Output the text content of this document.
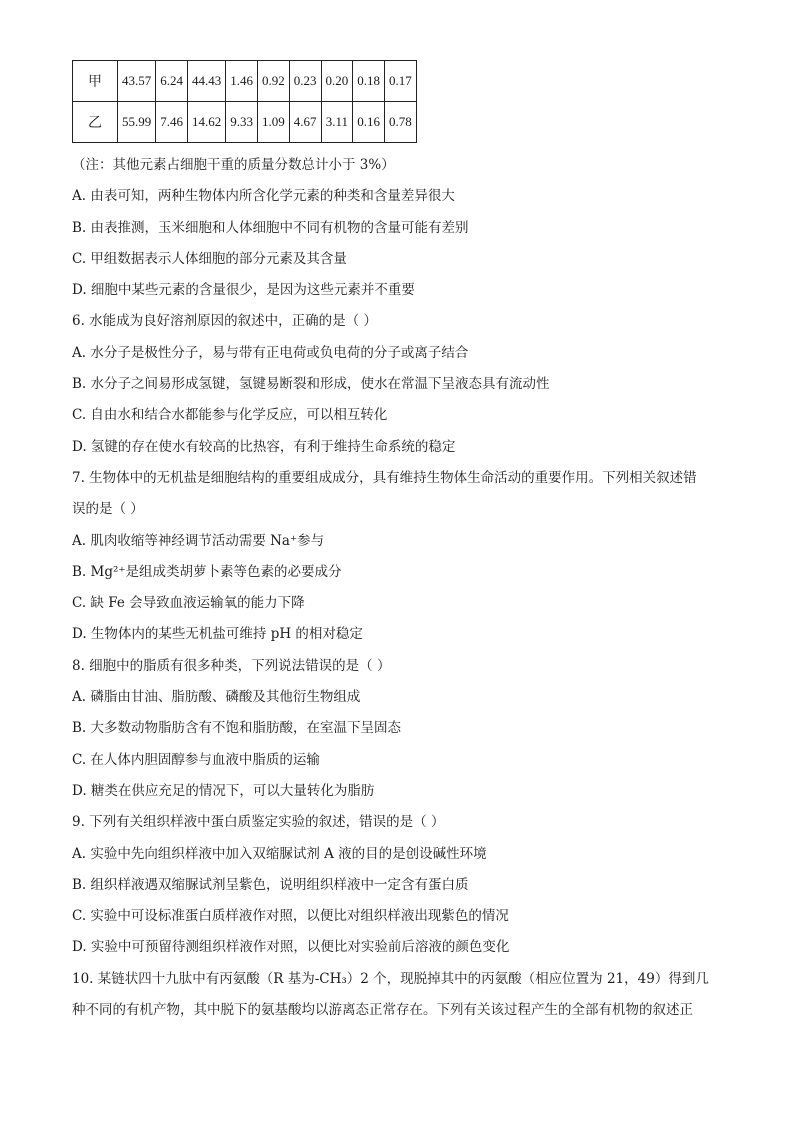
甲	43.57	6.24	44.43	1.46	0.92	0.23	0.20	0.18	0.17
乙	55.99	7.46	14.62	9.33	1.09	4.67	3.11	0.16	0.78
（注：其他元素占细胞干重的质量分数总计小于 3%）
A. 由表可知，两种生物体内所含化学元素的种类和含量差异很大
B. 由表推测，玉米细胞和人体细胞中不同有机物的含量可能有差别
C. 甲组数据表示人体细胞的部分元素及其含量
D. 细胞中某些元素的含量很少，是因为这些元素并不重要
6. 水能成为良好溶剂原因的叙述中，正确的是（ ）
A. 水分子是极性分子，易与带有正电荷或负电荷的分子或离子结合
B. 水分子之间易形成氢键，氢键易断裂和形成，使水在常温下呈液态具有流动性
C. 自由水和结合水都能参与化学反应，可以相互转化
D. 氢键的存在使水有较高的比热容，有利于维持生命系统的稳定
7. 生物体中的无机盐是细胞结构的重要组成成分，具有维持生物体生命活动的重要作用。下列相关叙述错
误的是（ ）
A. 肌肉收缩等神经调节活动需要 Na⁺参与
B. Mg²⁺是组成类胡萝卜素等色素的必要成分
C. 缺 Fe 会导致血液运输氧的能力下降
D. 生物体内的某些无机盐可维持 pH 的相对稳定
8. 细胞中的脂质有很多种类，下列说法错误的是（ ）
A. 磷脂由甘油、脂肪酸、磷酸及其他衍生物组成
B. 大多数动物脂肪含有不饱和脂肪酸，在室温下呈固态
C. 在人体内胆固醇参与血液中脂质的运输
D. 糖类在供应充足的情况下，可以大量转化为脂肪
9. 下列有关组织样液中蛋白质鉴定实验的叙述，错误的是（ ）
A. 实验中先向组织样液中加入双缩脲试剂 A 液的目的是创设碱性环境
B. 组织样液遇双缩脲试剂呈紫色，说明组织样液中一定含有蛋白质
C. 实验中可设标准蛋白质样液作对照，以便比对组织样液出现紫色的情况
D. 实验中可预留待测组织样液作对照，以便比对实验前后溶液的颜色变化
10. 某链状四十九肽中有丙氨酸（R 基为-CH₃）2 个，现脱掉其中的丙氨酸（相应位置为 21，49）得到几
种不同的有机产物，其中脱下的氨基酸均以游离态正常存在。下列有关该过程产生的全部有机物的叙述正
